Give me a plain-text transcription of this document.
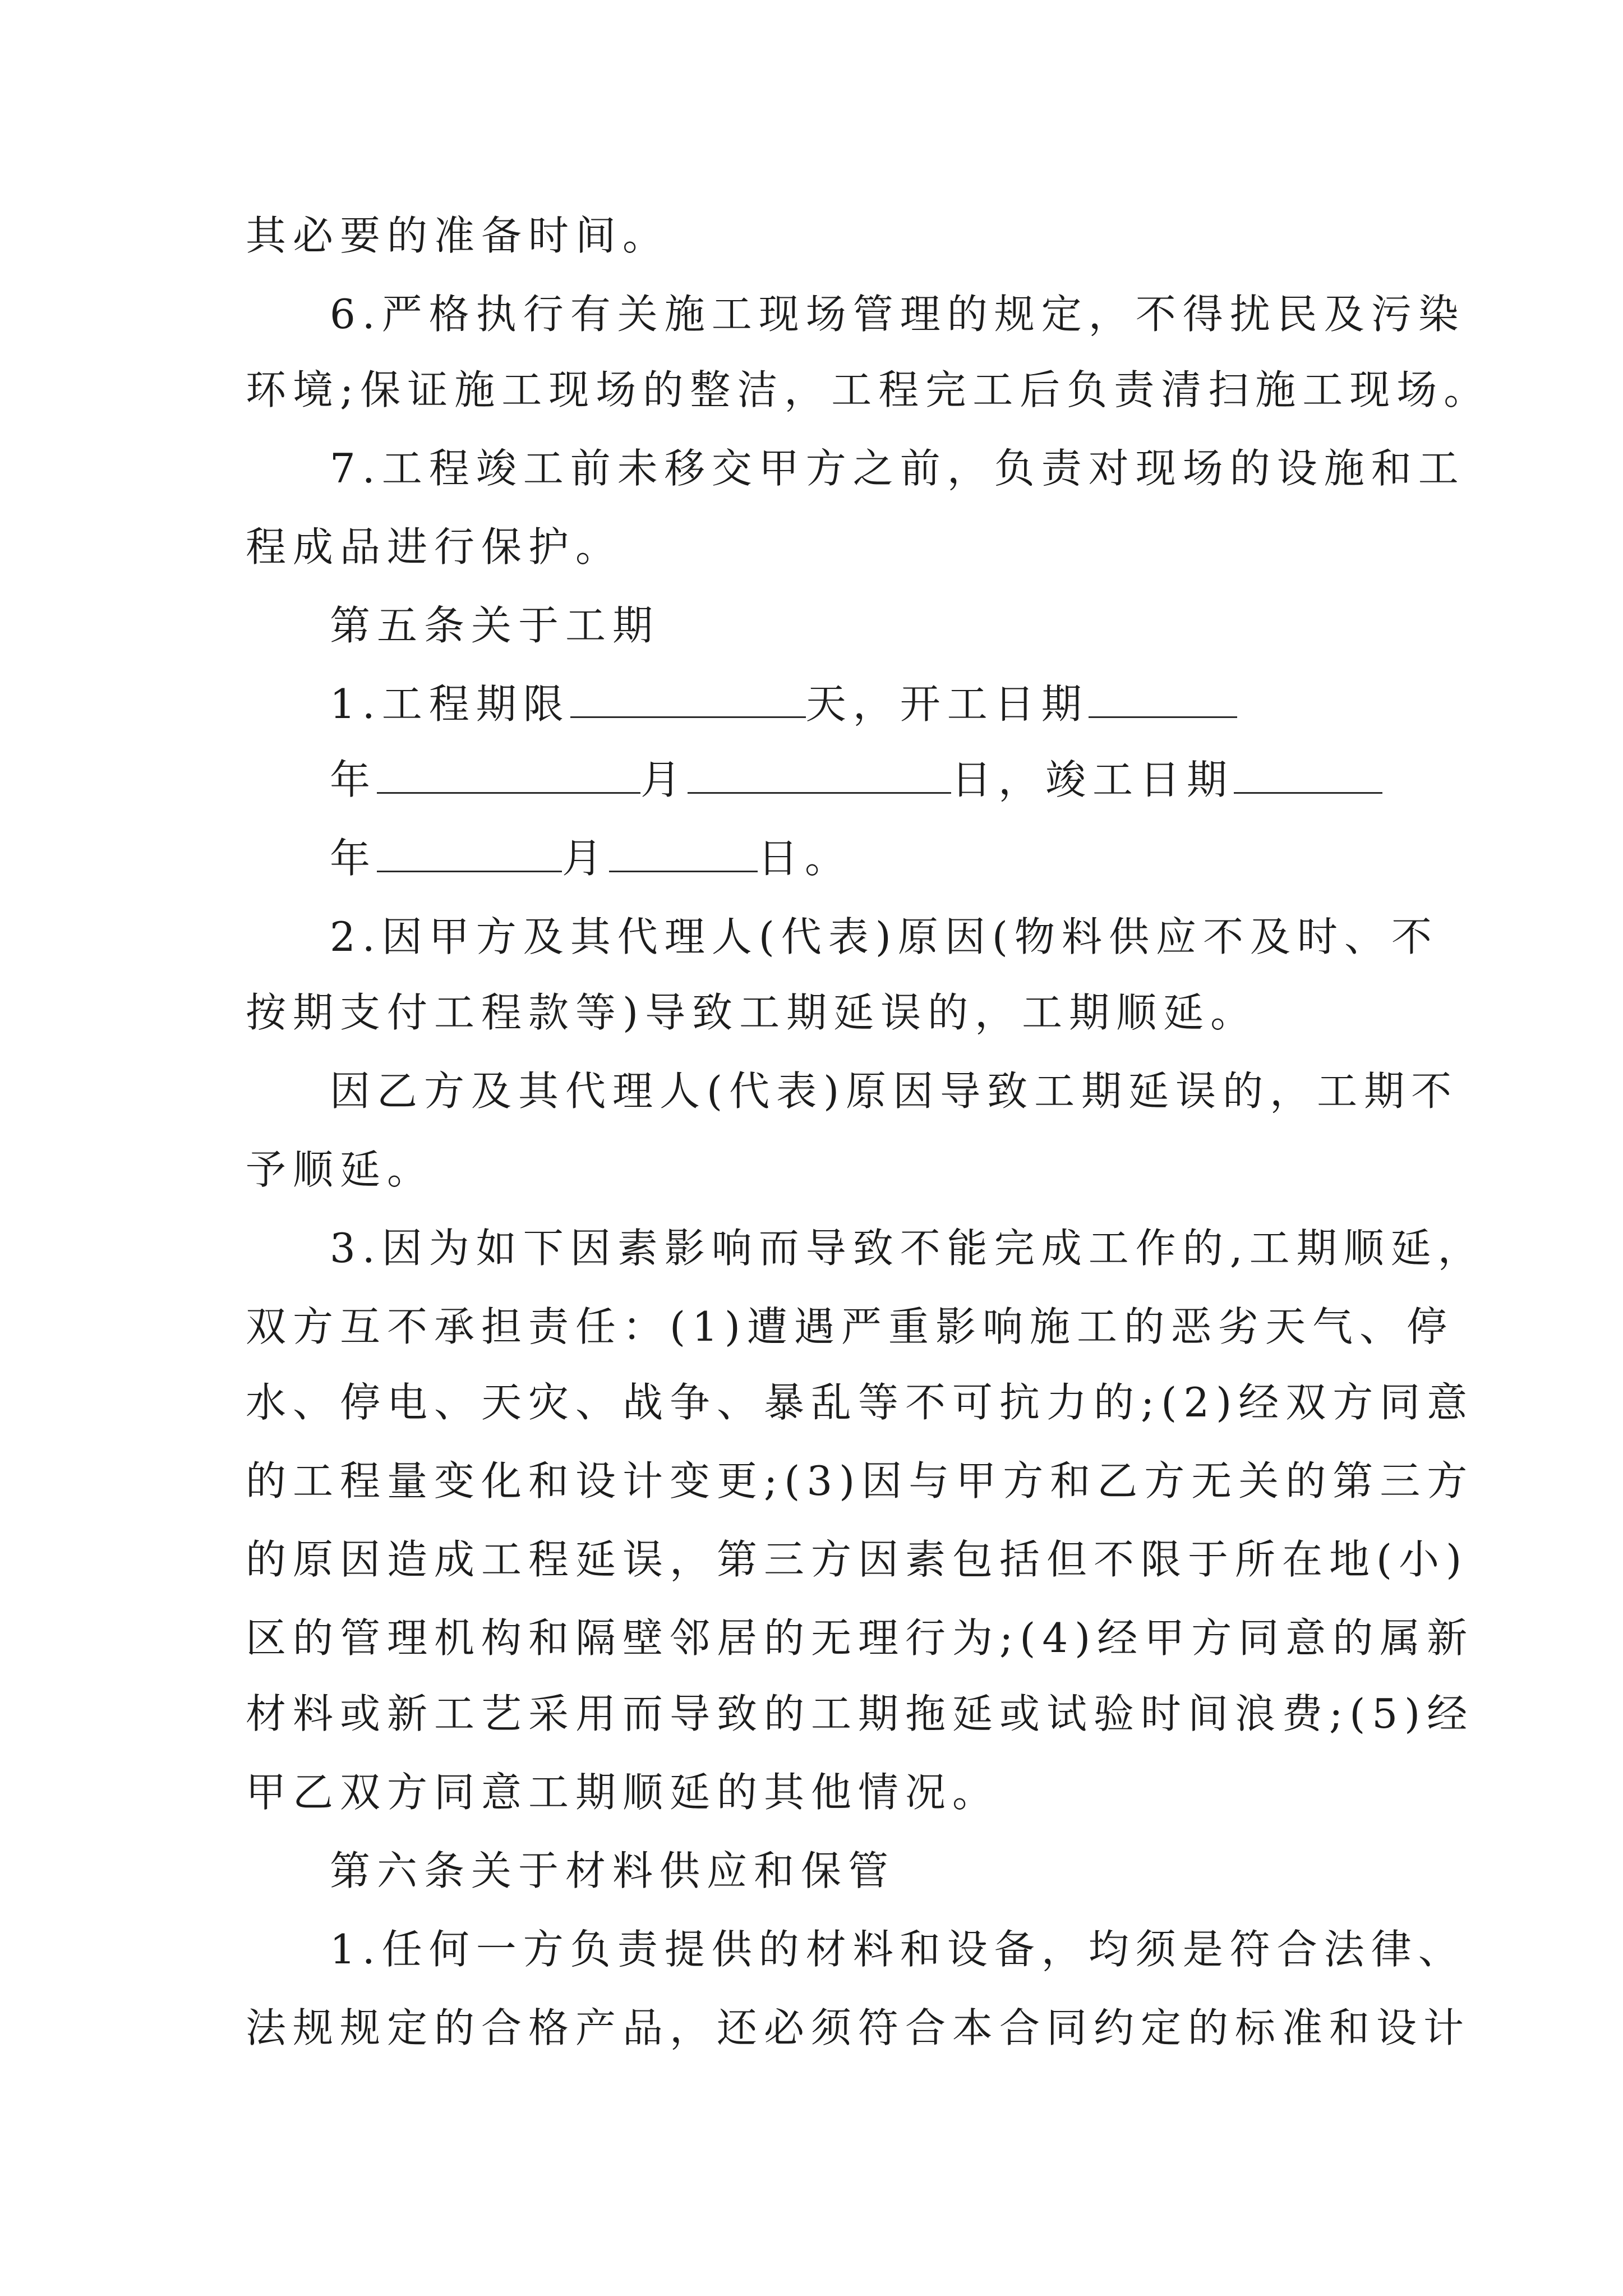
其必要的准备时间。
6.严格执行有关施工现场管理的规定，不得扰民及污染
环境;保证施工现场的整洁，工程完工后负责清扫施工现场。
7.工程竣工前未移交甲方之前，负责对现场的设施和工
程成品进行保护。
第五条关于工期
1.工程期限	天，开工日期
年	月	日，竣工日期
年	月	日。
2.因甲方及其代理人(代表)原因(物料供应不及时、不
按期支付工程款等)导致工期延误的，工期顺延。
因乙方及其代理人(代表)原因导致工期延误的，工期不
予顺延。
3.因为如下因素影响而导致不能完成工作的,工期顺延，
双方互不承担责任：(1)遭遇严重影响施工的恶劣天气、停
水、停电、天灾、战争、暴乱等不可抗力的;(2)经双方同意
的工程量变化和设计变更;(3)因与甲方和乙方无关的第三方
的原因造成工程延误，第三方因素包括但不限于所在地(小)
区的管理机构和隔壁邻居的无理行为;(4)经甲方同意的属新
材料或新工艺采用而导致的工期拖延或试验时间浪费;(5)经
甲乙双方同意工期顺延的其他情况。
第六条关于材料供应和保管
1.任何一方负责提供的材料和设备，均须是符合法律、
法规规定的合格产品，还必须符合本合同约定的标准和设计
